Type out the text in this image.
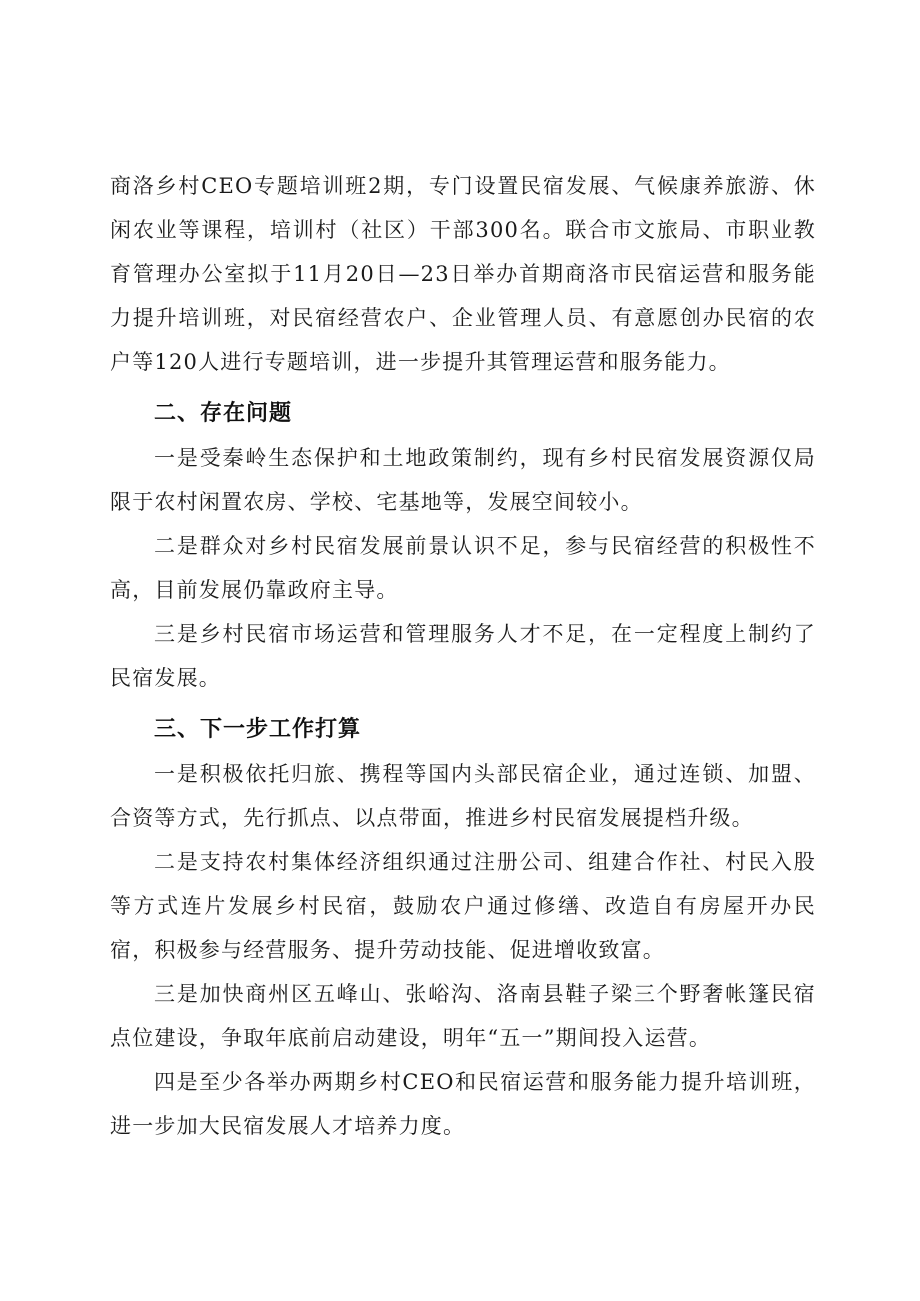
商洛乡村CEO专题培训班2期，专门设置民宿发展、气候康养旅游、休闲农业等课程，培训村（社区）干部300名。联合市文旅局、市职业教育管理办公室拟于11月20日—23日举办首期商洛市民宿运营和服务能力提升培训班，对民宿经营农户、企业管理人员、有意愿创办民宿的农户等120人进行专题培训，进一步提升其管理运营和服务能力。

二、存在问题

一是受秦岭生态保护和土地政策制约，现有乡村民宿发展资源仅局限于农村闲置农房、学校、宅基地等，发展空间较小。

二是群众对乡村民宿发展前景认识不足，参与民宿经营的积极性不高，目前发展仍靠政府主导。

三是乡村民宿市场运营和管理服务人才不足，在一定程度上制约了民宿发展。

三、下一步工作打算

一是积极依托归旅、携程等国内头部民宿企业，通过连锁、加盟、合资等方式，先行抓点、以点带面，推进乡村民宿发展提档升级。

二是支持农村集体经济组织通过注册公司、组建合作社、村民入股等方式连片发展乡村民宿，鼓励农户通过修缮、改造自有房屋开办民宿，积极参与经营服务、提升劳动技能、促进增收致富。

三是加快商州区五峰山、张峪沟、洛南县鞋子梁三个野奢帐篷民宿点位建设，争取年底前启动建设，明年“五一”期间投入运营。

四是至少各举办两期乡村CEO和民宿运营和服务能力提升培训班，进一步加大民宿发展人才培养力度。
